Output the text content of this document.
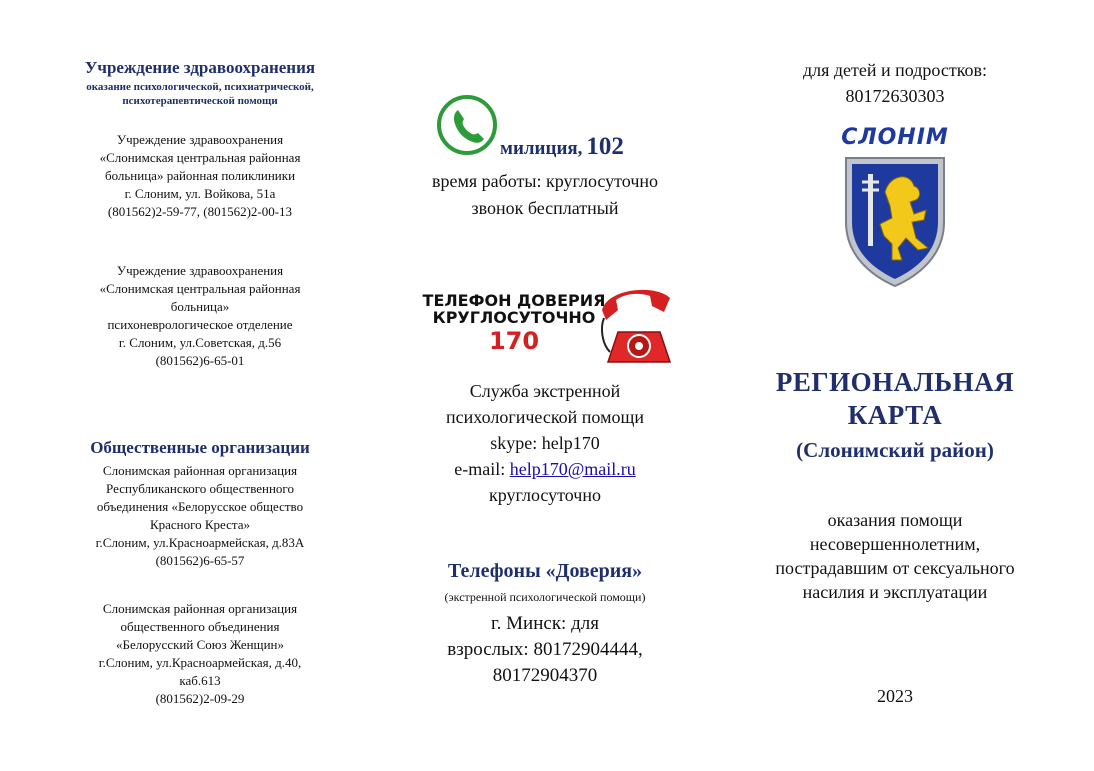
Учреждение здравоохранения
оказание психологической, психиатрической, психотерапевтической помощи
Учреждение здравоохранения
«Слонимская центральная районная
больница» районная поликлиники
г. Слоним, ул. Войкова, 51а
(801562)2-59-77, (801562)2-00-13
Учреждение здравоохранения
«Слонимская центральная районная
больница»
психоневрологическое отделение
г. Слоним, ул.Советская, д.56
(801562)6-65-01
Общественные организации
Слонимская районная организация
Республиканского общественного
объединения «Белорусское общество
Красного Креста»
г.Слоним, ул.Красноармейская, д.83А
(801562)6-65-57
Слонимская районная организация
общественного объединения
«Белорусский Союз Женщин»
г.Слоним, ул.Красноармейская, д.40,
каб.613
(801562)2-09-29
милиция, 102
время работы: круглосуточно
звонок бесплатный
ТЕЛЕФОН ДОВЕРИЯ
КРУГЛОСУТОЧНО
170
Служба экстренной
психологической помощи
skype: help170
e-mail: help170@mail.ru
круглосуточно
Телефоны «Доверия»
(экстренной психологической помощи)
г. Минск: для
взрослых: 80172904444,
80172904370
для детей и подростков:
80172630303
СЛОНІМ
РЕГИОНАЛЬНАЯ
КАРТА
(Слонимский район)
оказания помощи
несовершеннолетним,
пострадавшим от сексуального
насилия и эксплуатации
2023
